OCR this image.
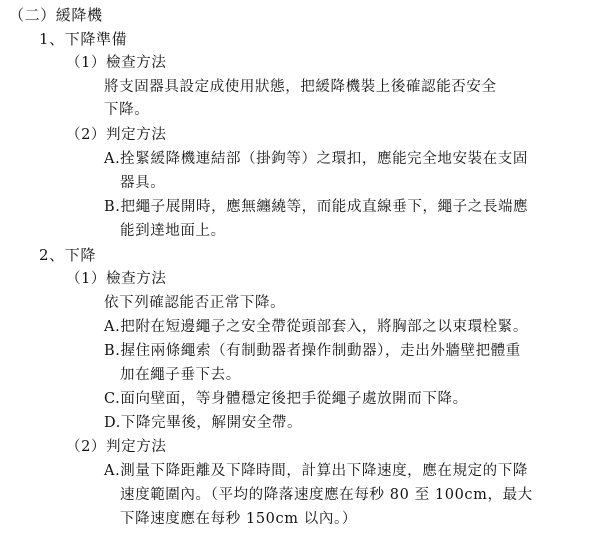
（二）緩降機
1、下降準備
（1）檢查方法
將支固器具設定成使用狀態，把緩降機裝上後確認能否安全
下降。
（2）判定方法
A.拴緊緩降機連結部（掛鉤等）之環扣，應能完全地安裝在支固
器具。
B.把繩子展開時，應無纏繞等，而能成直線垂下，繩子之長端應
能到達地面上。
2、下降
（1）檢查方法
依下列確認能否正常下降。
A.把附在短邊繩子之安全帶從頭部套入，將胸部之以束環栓緊。
B.握住兩條繩索（有制動器者操作制動器），走出外牆壁把體重
加在繩子垂下去。
C.面向壁面，等身體穩定後把手從繩子處放開而下降。
D.下降完畢後，解開安全帶。
（2）判定方法
A.測量下降距離及下降時間，計算出下降速度，應在規定的下降
速度範圍內。（平均的降落速度應在每秒 80 至 100cm，最大
下降速度應在每秒 150cm 以內。）
